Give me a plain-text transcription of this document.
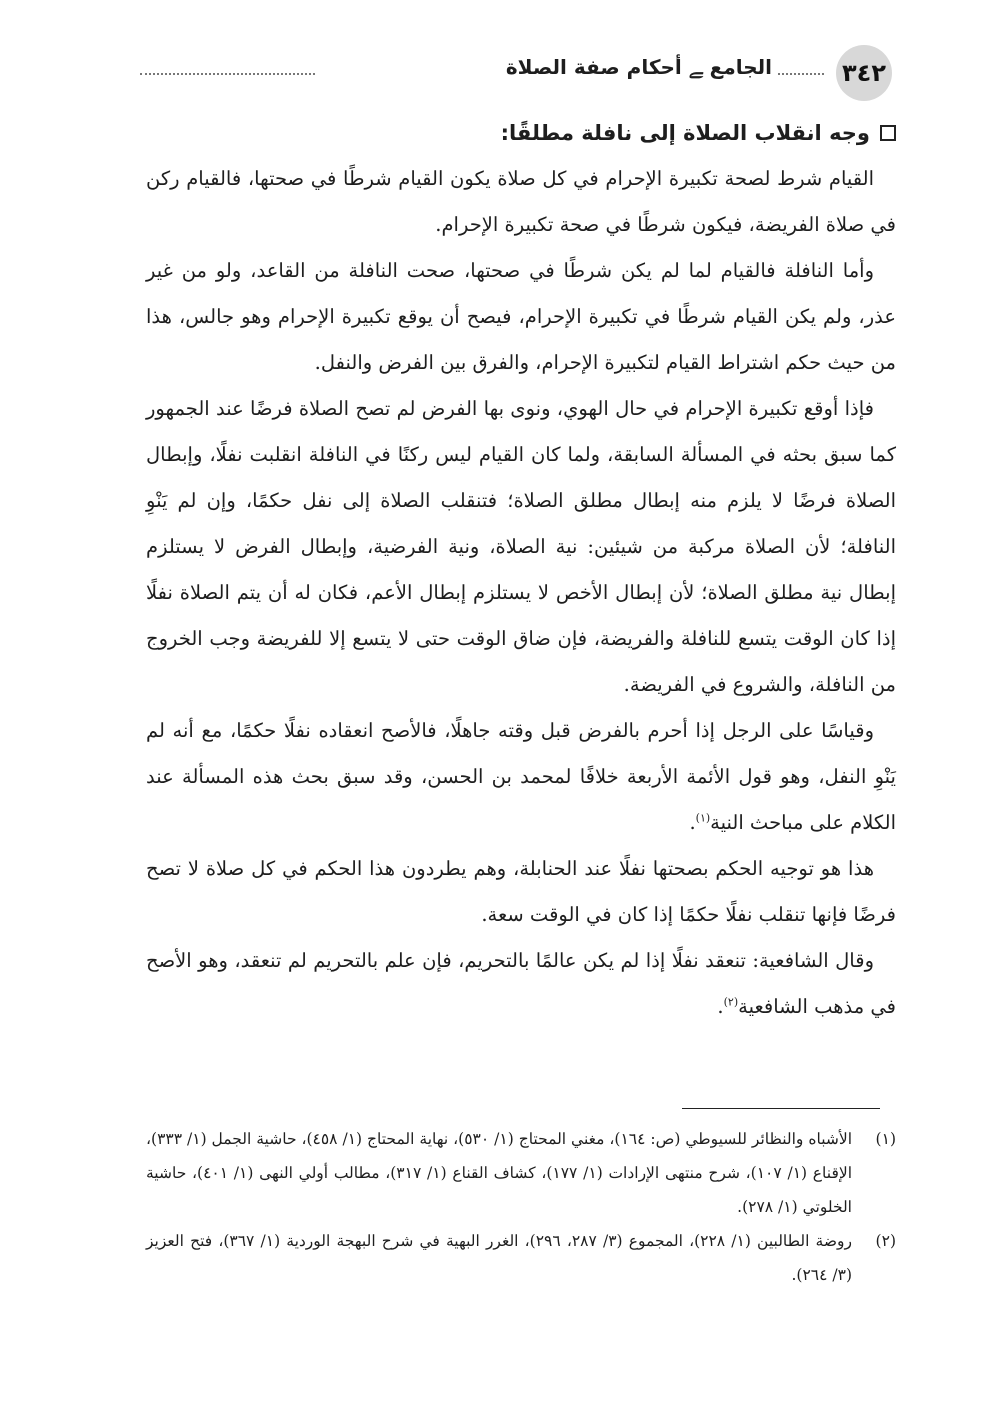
٣٤٢
الجامع ﮯ أحكام صفة الصلاة
وجه انقلاب الصلاة إلى نافلة مطلقًا:

القيام شرط لصحة تكبيرة الإحرام في كل صلاة يكون القيام شرطًا في صحتها، فالقيام ركن في صلاة الفريضة، فيكون شرطًا في صحة تكبيرة الإحرام.

وأما النافلة فالقيام لما لم يكن شرطًا في صحتها، صحت النافلة من القاعد، ولو من غير عذر، ولم يكن القيام شرطًا في تكبيرة الإحرام، فيصح أن يوقع تكبيرة الإحرام وهو جالس، هذا من حيث حكم اشتراط القيام لتكبيرة الإحرام، والفرق بين الفرض والنفل.

فإذا أوقع تكبيرة الإحرام في حال الهوي، ونوى بها الفرض لم تصح الصلاة فرضًا عند الجمهور كما سبق بحثه في المسألة السابقة، ولما كان القيام ليس ركنًا في النافلة انقلبت نفلًا، وإبطال الصلاة فرضًا لا يلزم منه إبطال مطلق الصلاة؛ فتنقلب الصلاة إلى نفل حكمًا، وإن لم يَنْوِ النافلة؛ لأن الصلاة مركبة من شيئين: نية الصلاة، ونية الفرضية، وإبطال الفرض لا يستلزم إبطال نية مطلق الصلاة؛ لأن إبطال الأخص لا يستلزم إبطال الأعم، فكان له أن يتم الصلاة نفلًا إذا كان الوقت يتسع للنافلة والفريضة، فإن ضاق الوقت حتى لا يتسع إلا للفريضة وجب الخروج من النافلة، والشروع في الفريضة.

وقياسًا على الرجل إذا أحرم بالفرض قبل وقته جاهلًا، فالأصح انعقاده نفلًا حكمًا، مع أنه لم يَنْوِ النفل، وهو قول الأئمة الأربعة خلافًا لمحمد بن الحسن، وقد سبق بحث هذه المسألة عند الكلام على مباحث النية$^{(١)}$.

هذا هو توجيه الحكم بصحتها نفلًا عند الحنابلة، وهم يطردون هذا الحكم في كل صلاة لا تصح فرضًا فإنها تنقلب نفلًا حكمًا إذا كان في الوقت سعة.

وقال الشافعية: تنعقد نفلًا إذا لم يكن عالمًا بالتحريم، فإن علم بالتحريم لم تنعقد، وهو الأصح في مذهب الشافعية$^{(٢)}$.

(١)
الأشباه والنظائر للسيوطي (ص: ١٦٤)، مغني المحتاج (١/ ٥٣٠)، نهاية المحتاج (١/ ٤٥٨)، حاشية الجمل (١/ ٣٣٣)، الإقناع (١/ ١٠٧)، شرح منتهى الإرادات (١/ ١٧٧)، كشاف القناع (١/ ٣١٧)، مطالب أولي النهى (١/ ٤٠١)، حاشية الخلوتي (١/ ٢٧٨).
(٢)
روضة الطالبين (١/ ٢٢٨)، المجموع (٣/ ٢٨٧، ٢٩٦)، الغرر البهية في شرح البهجة الوردية (١/ ٣٦٧)، فتح العزيز (٣/ ٢٦٤).
